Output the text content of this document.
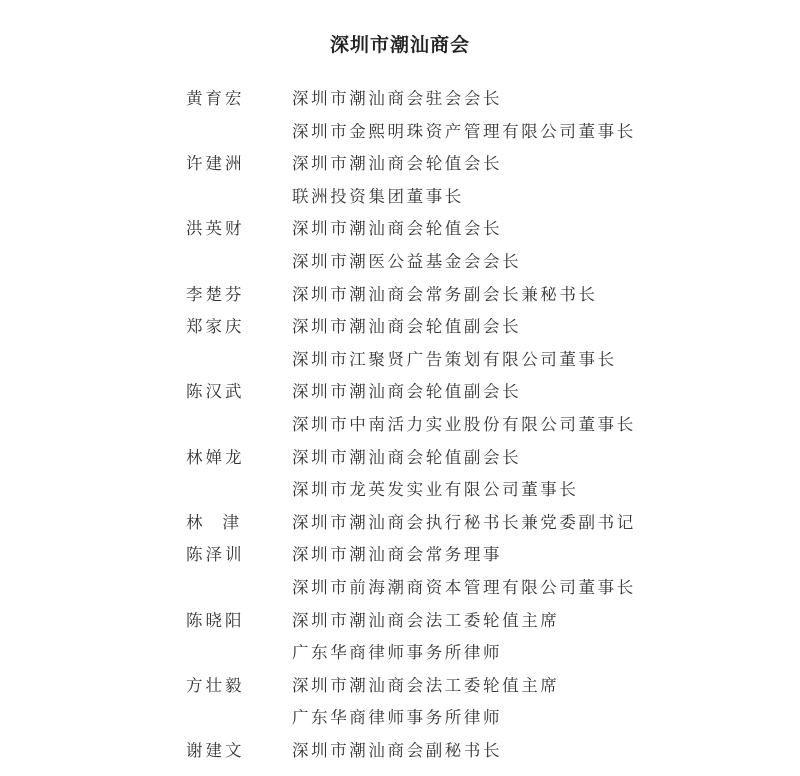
深圳市潮汕商会
黄育宏	深圳市潮汕商会驻会会长
深圳市金熙明珠资产管理有限公司董事长
许建洲	深圳市潮汕商会轮值会长
联洲投资集团董事长
洪英财	深圳市潮汕商会轮值会长
深圳市潮医公益基金会会长
李楚芬	深圳市潮汕商会常务副会长兼秘书长
郑家庆	深圳市潮汕商会轮值副会长
深圳市江聚贤广告策划有限公司董事长
陈汉武	深圳市潮汕商会轮值副会长
深圳市中南活力实业股份有限公司董事长
林婵龙	深圳市潮汕商会轮值副会长
深圳市龙英发实业有限公司董事长
林津 深圳市潮汕商会执行秘书长兼党委副书记
陈泽训	深圳市潮汕商会常务理事
深圳市前海潮商资本管理有限公司董事长
陈晓阳	深圳市潮汕商会法工委轮值主席
广东华商律师事务所律师
方壮毅	深圳市潮汕商会法工委轮值主席
广东华商律师事务所律师
谢建文	深圳市潮汕商会副秘书长
